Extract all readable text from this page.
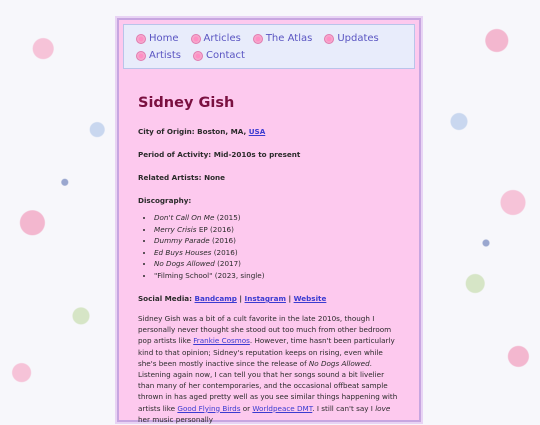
Home	Articles	The Atlas	Updates
Artists	Contact
Sidney Gish

City of Origin: Boston, MA, USA

Period of Activity: Mid-2010s to present

Related Artists: None

Discography:

• Don't Call On Me (2015)
• Merry Crisis EP (2016)
• Dummy Parade (2016)
• Ed Buys Houses (2016)
• No Dogs Allowed (2017)
• "Filming School" (2023, single)

Social Media: Bandcamp | Instagram | Website

Sidney Gish was a bit of a cult favorite in the late 2010s, though I personally never thought she stood out too much from other bedroom pop artists like Frankie Cosmos. However, time hasn't been particularly kind to that opinion; Sidney's reputation keeps on rising, even while she's been mostly inactive since the release of No Dogs Allowed. Listening again now, I can tell you that her songs sound a bit livelier than many of her contemporaries, and the occasional offbeat sample thrown in has aged pretty well as you see similar things happening with artists like Good Flying Birds or Worldpeace DMT. I still can't say I love her music personally
